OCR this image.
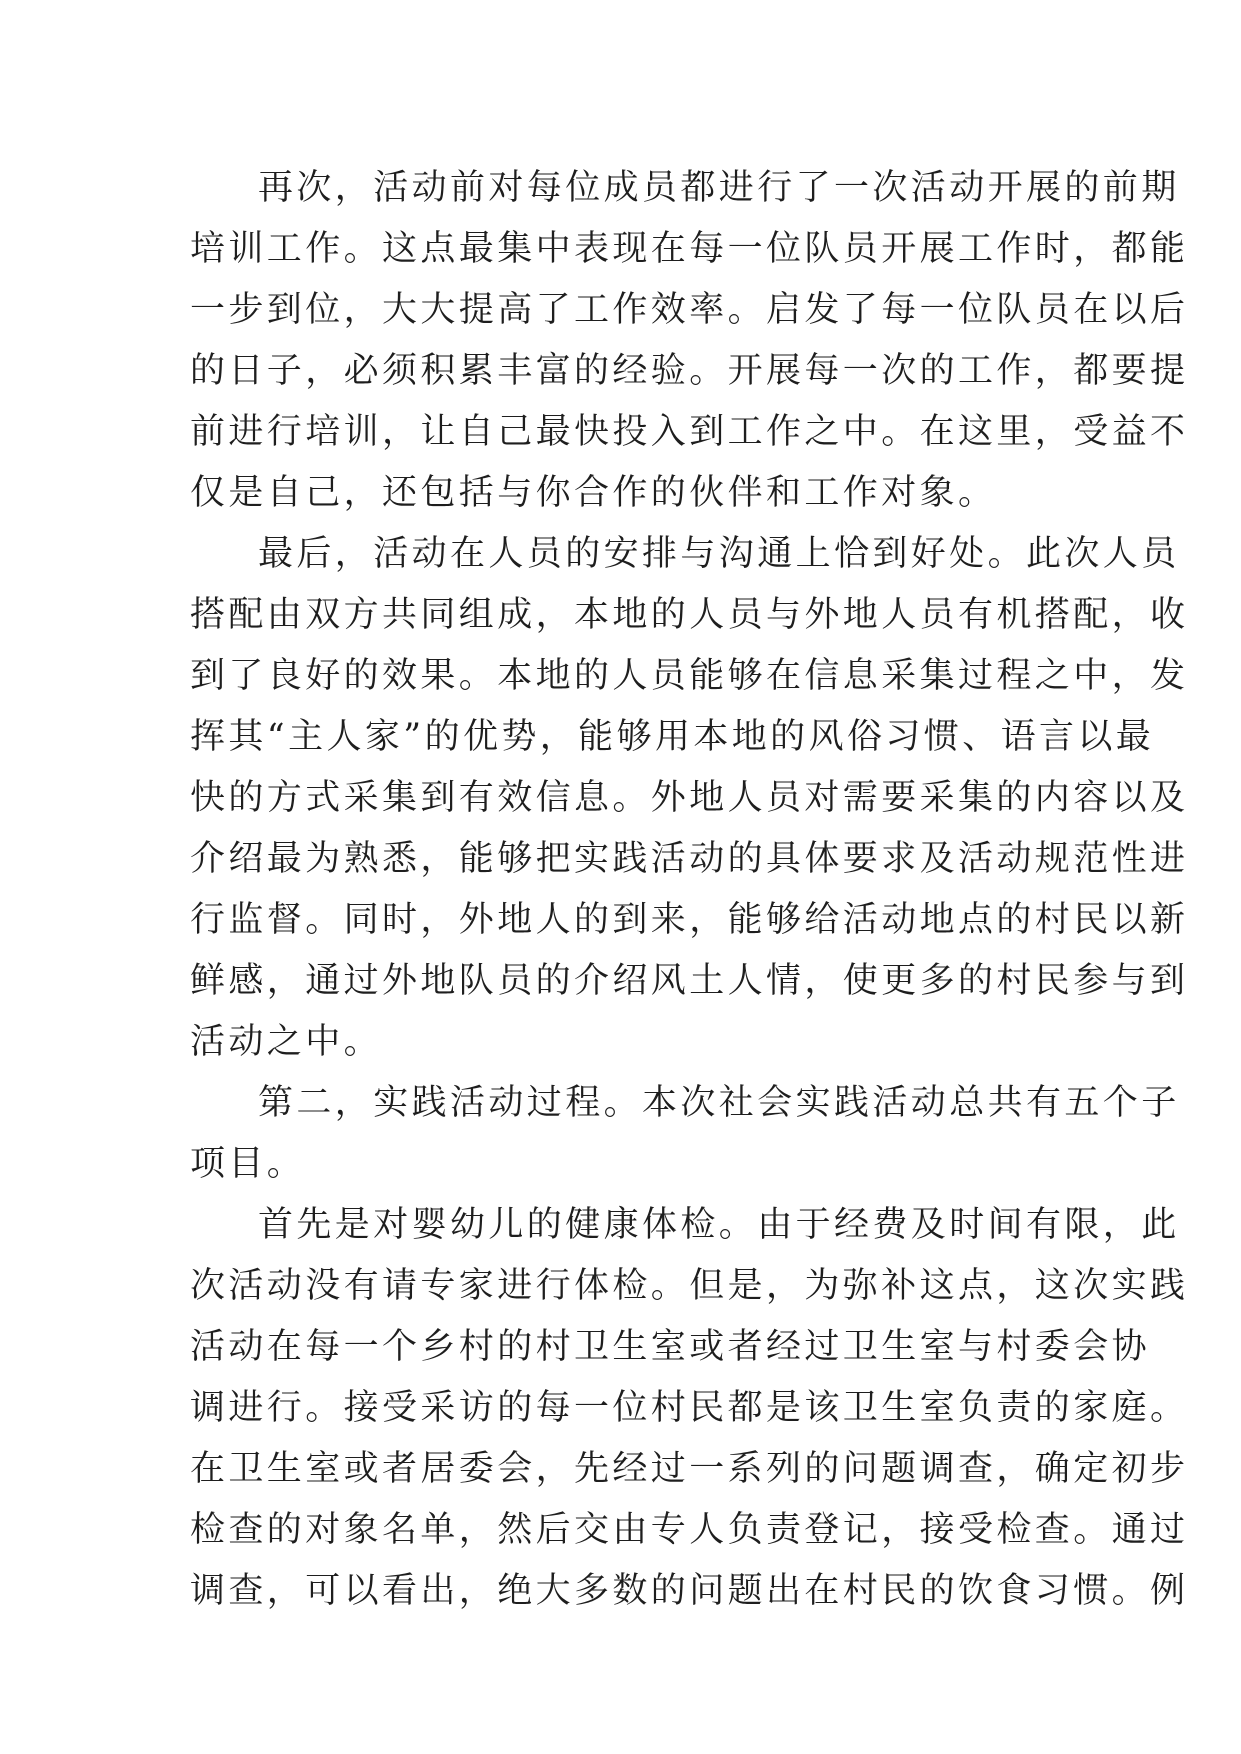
再次，活动前对每位成员都进行了一次活动开展的前期
培训工作。这点最集中表现在每一位队员开展工作时，都能
一步到位，大大提高了工作效率。启发了每一位队员在以后
的日子，必须积累丰富的经验。开展每一次的工作，都要提
前进行培训，让自己最快投入到工作之中。在这里，受益不
仅是自己，还包括与你合作的伙伴和工作对象。
最后，活动在人员的安排与沟通上恰到好处。此次人员
搭配由双方共同组成，本地的人员与外地人员有机搭配，收
到了良好的效果。本地的人员能够在信息采集过程之中，发
挥其“主人家”的优势，能够用本地的风俗习惯、语言以最
快的方式采集到有效信息。外地人员对需要采集的内容以及
介绍最为熟悉，能够把实践活动的具体要求及活动规范性进
行监督。同时，外地人的到来，能够给活动地点的村民以新
鲜感，通过外地队员的介绍风土人情，使更多的村民参与到
活动之中。
第二，实践活动过程。本次社会实践活动总共有五个子
项目。
首先是对婴幼儿的健康体检。由于经费及时间有限，此
次活动没有请专家进行体检。但是，为弥补这点，这次实践
活动在每一个乡村的村卫生室或者经过卫生室与村委会协
调进行。接受采访的每一位村民都是该卫生室负责的家庭。
在卫生室或者居委会，先经过一系列的问题调查，确定初步
检查的对象名单，然后交由专人负责登记，接受检查。通过
调查，可以看出，绝大多数的问题出在村民的饮食习惯。例
